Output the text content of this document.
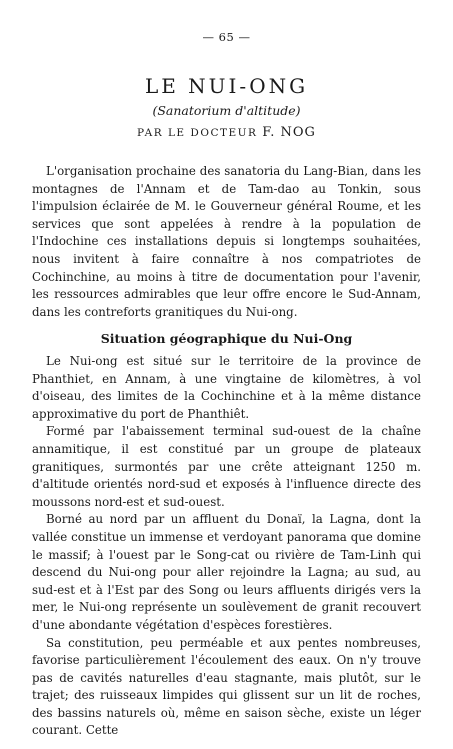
— 65 —
LE NUI-ONG
(Sanatorium d'altitude)
PAR LE DOCTEUR F. NOG

L'organisation prochaine des sanatoria du Lang-Bian, dans les montagnes de l'Annam et de Tam-dao au Tonkin, sous l'impulsion éclairée de M. le Gouverneur général Roume, et les services que sont appelées à rendre à la population de l'Indochine ces installations depuis si longtemps souhaitées, nous invitent à faire connaître à nos compatriotes de Cochinchine, au moins à titre de documentation pour l'avenir, les ressources admirables que leur offre encore le Sud-Annam, dans les contreforts granitiques du Nui-ong.

Situation géographique du Nui-Ong

Le Nui-ong est situé sur le territoire de la province de Phanthiet, en Annam, à une vingtaine de kilomètres, à vol d'oiseau, des limites de la Cochinchine et à la même distance approximative du port de Phanthiêt.

Formé par l'abaissement terminal sud-ouest de la chaîne annamitique, il est constitué par un groupe de plateaux granitiques, surmontés par une crête atteignant 1250 m. d'altitude orientés nord-sud et exposés à l'influence directe des moussons nord-est et sud-ouest.

Borné au nord par un affluent du Donaï, la Lagna, dont la vallée constitue un immense et verdoyant panorama que domine le massif; à l'ouest par le Song-cat ou rivière de Tam-Linh qui descend du Nui-ong pour aller rejoindre la Lagna; au sud, au sud-est et à l'Est par des Song ou leurs affluents dirigés vers la mer, le Nui-ong représente un soulèvement de granit recouvert d'une abondante végétation d'espèces forestières.

Sa constitution, peu perméable et aux pentes nombreuses, favorise particulièrement l'écoulement des eaux. On n'y trouve pas de cavités naturelles d'eau stagnante, mais plutôt, sur le trajet; des ruisseaux limpides qui glissent sur un lit de roches, des bassins naturels où, même en saison sèche, existe un léger courant. Cette
